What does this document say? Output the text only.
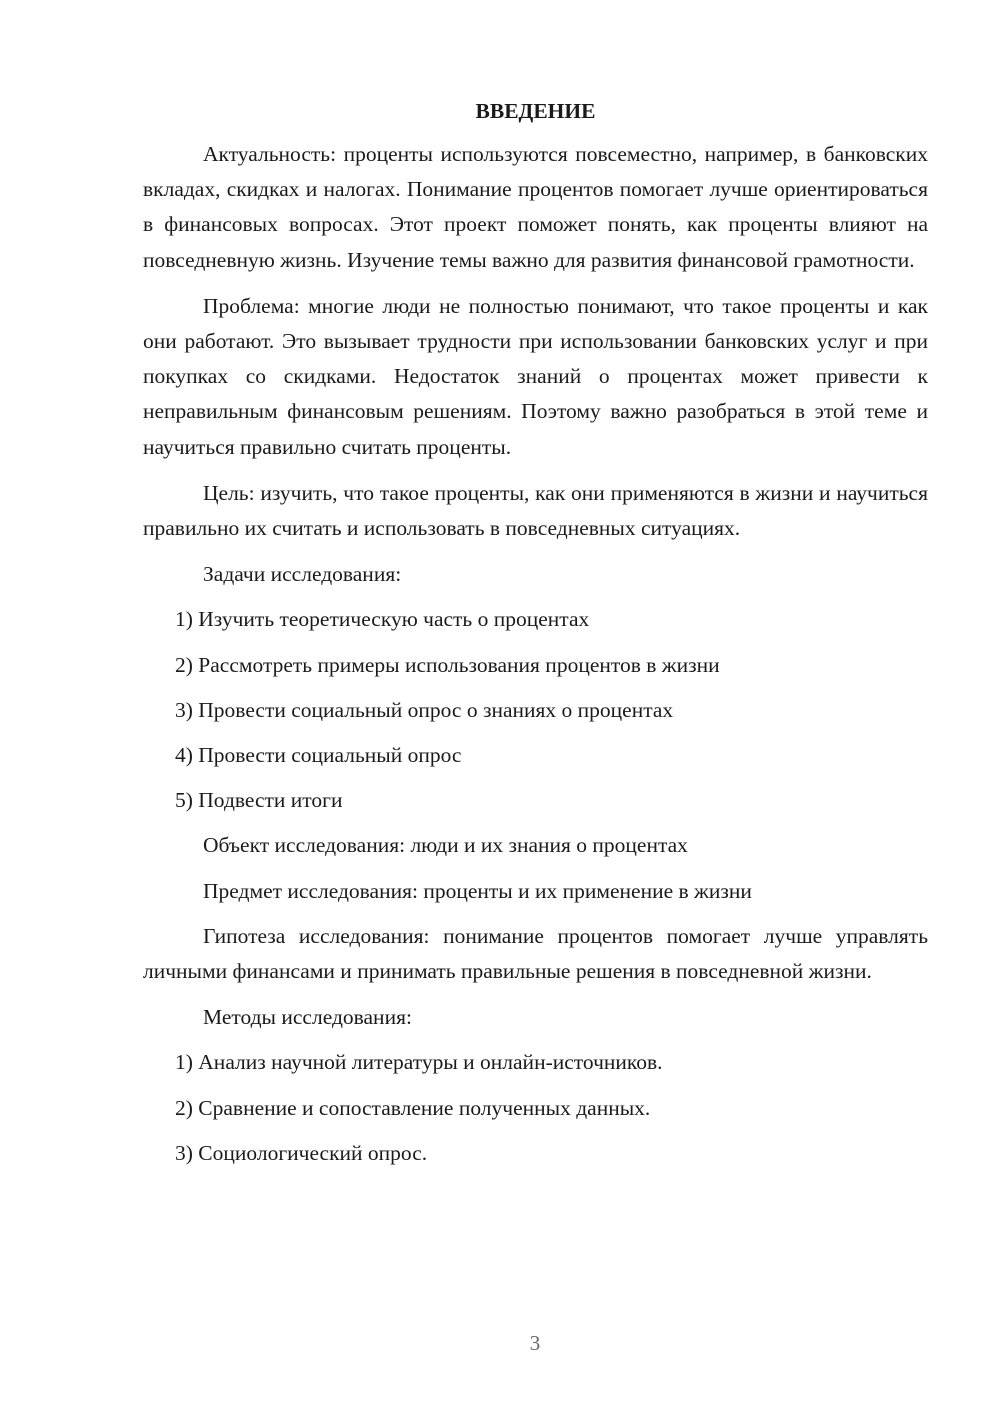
ВВЕДЕНИЕ

Актуальность: проценты используются повсеместно, например, в банковских вкладах, скидках и налогах. Понимание процентов помогает лучше ориентироваться в финансовых вопросах. Этот проект поможет понять, как проценты влияют на повседневную жизнь. Изучение темы важно для развития финансовой грамотности.

Проблема: многие люди не полностью понимают, что такое проценты и как они работают. Это вызывает трудности при использовании банковских услуг и при покупках со скидками. Недостаток знаний о процентах может привести к неправильным финансовым решениям. Поэтому важно разобраться в этой теме и научиться правильно считать проценты.

Цель: изучить, что такое проценты, как они применяются в жизни и научиться правильно их считать и использовать в повседневных ситуациях.

Задачи исследования:

1) Изучить теоретическую часть о процентах
2) Рассмотреть примеры использования процентов в жизни
3) Провести социальный опрос о знаниях о процентах
4) Провести социальный опрос
5) Подвести итоги

Объект исследования: люди и их знания о процентах

Предмет исследования: проценты и их применение в жизни

Гипотеза исследования: понимание процентов помогает лучше управлять личными финансами и принимать правильные решения в повседневной жизни.

Методы исследования:

1) Анализ научной литературы и онлайн-источников.
2) Сравнение и сопоставление полученных данных.
3) Социологический опрос.
3
